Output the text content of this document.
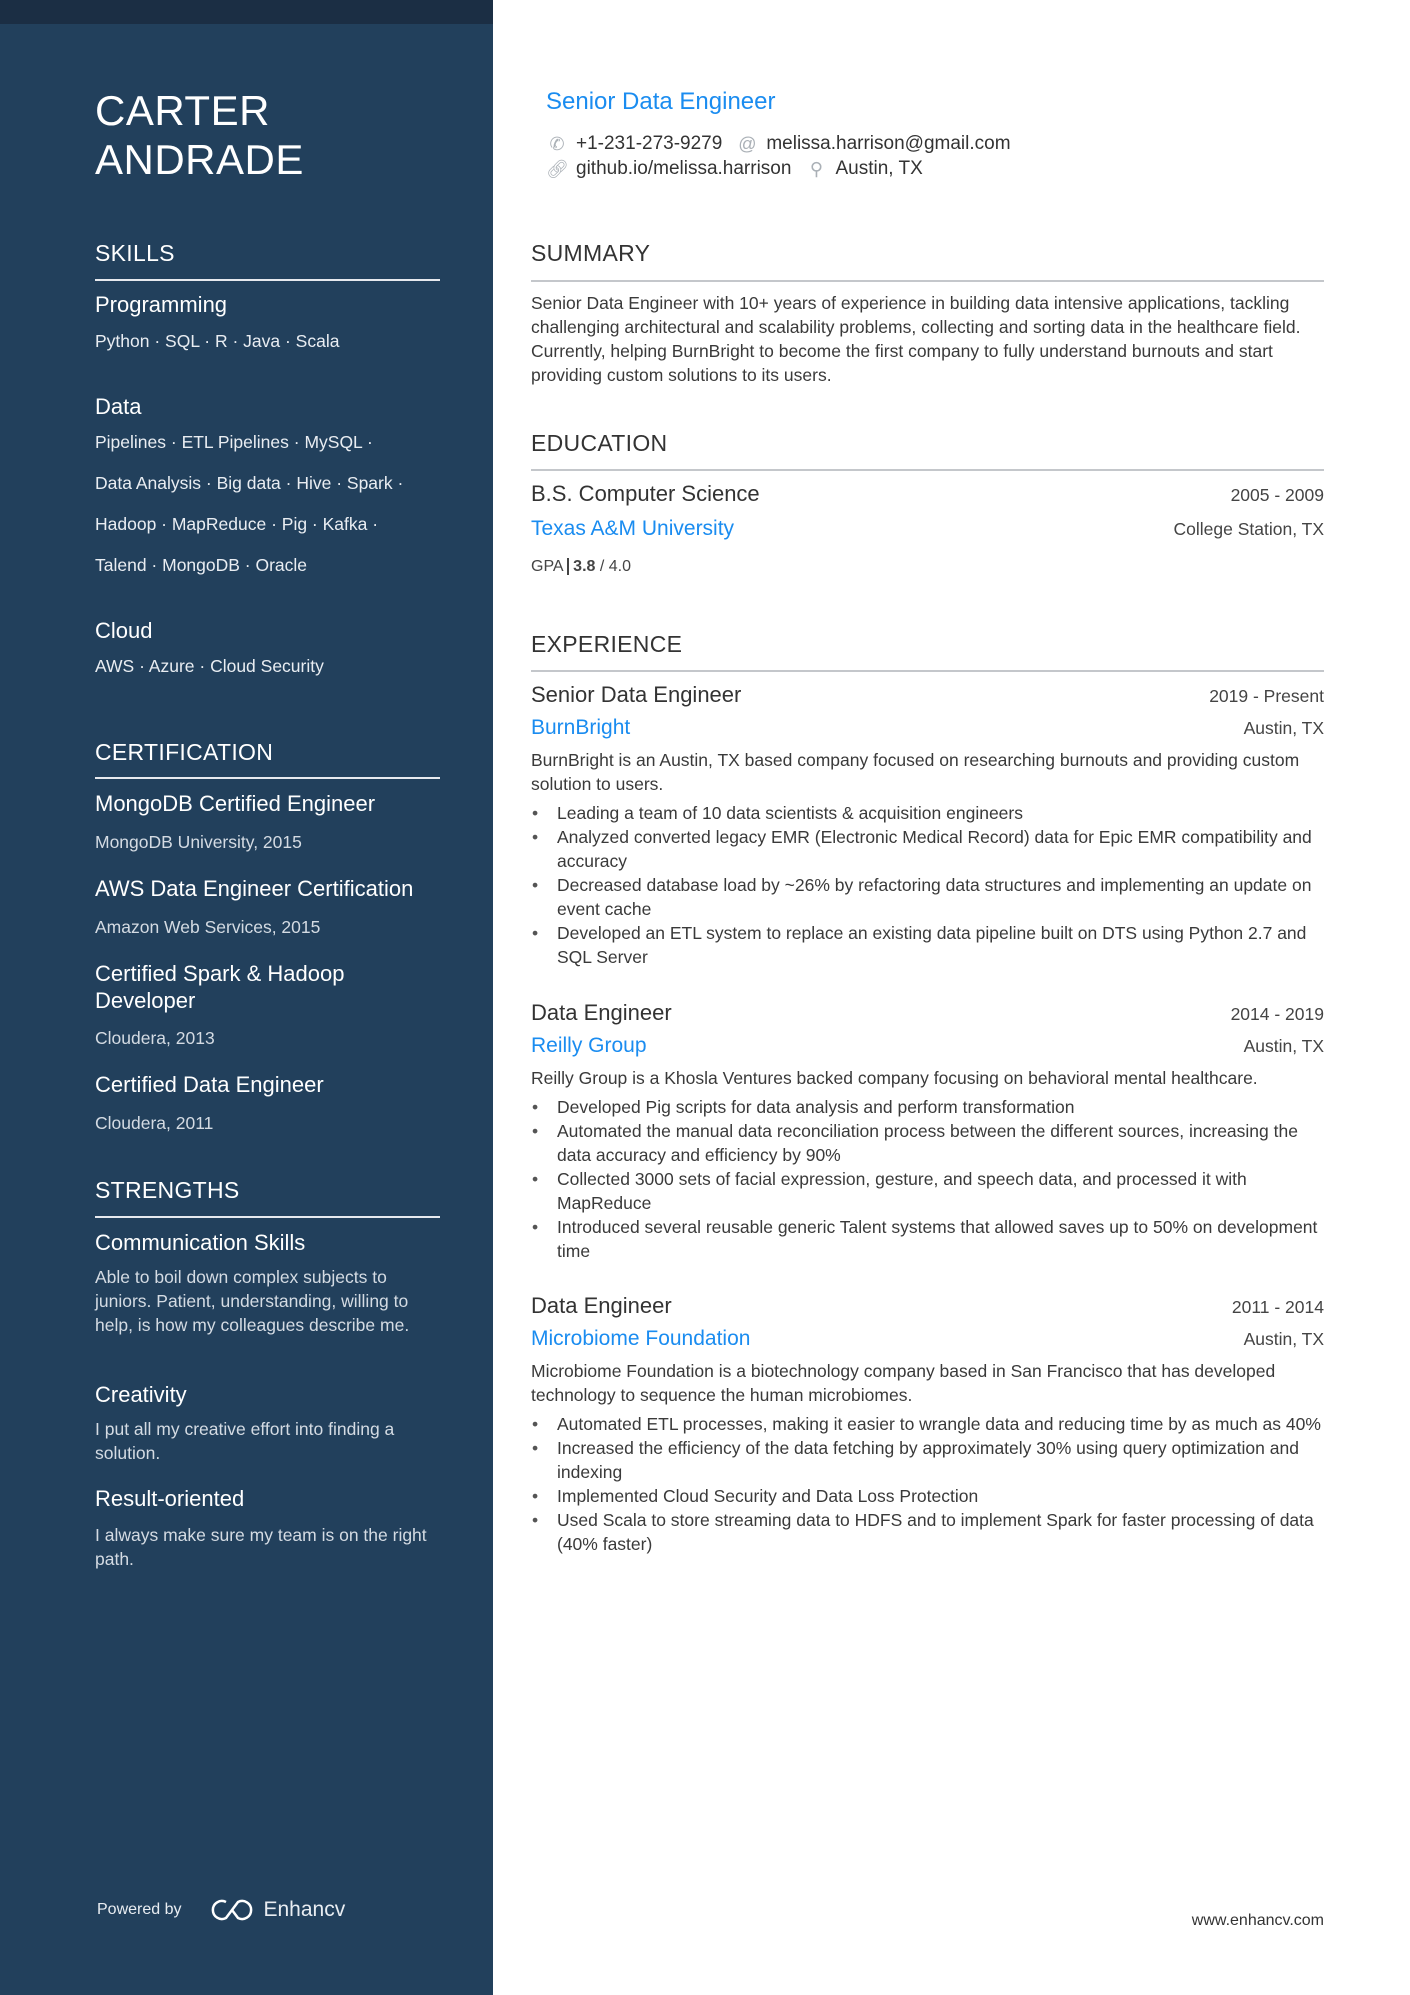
CARTER
ANDRADE
SKILLS
Programming
Python · SQL · R · Java · Scala
Data
Pipelines · ETL Pipelines · MySQL ·
Data Analysis · Big data · Hive · Spark ·
Hadoop · MapReduce · Pig · Kafka ·
Talend · MongoDB · Oracle
Cloud
AWS · Azure · Cloud Security
CERTIFICATION
MongoDB Certified Engineer
MongoDB University, 2015
AWS Data Engineer Certification
Amazon Web Services, 2015
Certified Spark & Hadoop Developer
Cloudera, 2013
Certified Data Engineer
Cloudera, 2011
STRENGTHS
Communication Skills
Able to boil down complex subjects to juniors. Patient, understanding, willing to help, is how my colleagues describe me.
Creativity
I put all my creative effort into finding a solution.
Result-oriented
I always make sure my team is on the right path.
Powered by	Enhancv
Senior Data Engineer
✆ +1-231-273-9279 @ melissa.harrison@gmail.com
🔗︎ github.io/melissa.harrison ⚲ Austin, TX
SUMMARY
Senior Data Engineer with 10+ years of experience in building data intensive applications, tackling challenging architectural and scalability problems, collecting and sorting data in the healthcare field. Currently, helping BurnBright to become the first company to fully understand burnouts and start providing custom solutions to its users.
EDUCATION
B.S. Computer Science	2005 - 2009
Texas A&M University	College Station, TX
GPA 3.8 / 4.0
EXPERIENCE
Senior Data Engineer	2019 - Present
BurnBright	Austin, TX
BurnBright is an Austin, TX based company focused on researching burnouts and providing custom solution to users.
• Leading a team of 10 data scientists & acquisition engineers
• Analyzed converted legacy EMR (Electronic Medical Record) data for Epic EMR compatibility and accuracy
• Decreased database load by ~26% by refactoring data structures and implementing an update on event cache
• Developed an ETL system to replace an existing data pipeline built on DTS using Python 2.7 and SQL Server
Data Engineer	2014 - 2019
Reilly Group	Austin, TX
Reilly Group is a Khosla Ventures backed company focusing on behavioral mental healthcare.
• Developed Pig scripts for data analysis and perform transformation
• Automated the manual data reconciliation process between the different sources, increasing the data accuracy and efficiency by 90%
• Collected 3000 sets of facial expression, gesture, and speech data, and processed it with MapReduce
• Introduced several reusable generic Talent systems that allowed saves up to 50% on development time
Data Engineer	2011 - 2014
Microbiome Foundation	Austin, TX
Microbiome Foundation is a biotechnology company based in San Francisco that has developed technology to sequence the human microbiomes.
• Automated ETL processes, making it easier to wrangle data and reducing time by as much as 40%
• Increased the efficiency of the data fetching by approximately 30% using query optimization and indexing
• Implemented Cloud Security and Data Loss Protection
• Used Scala to store streaming data to HDFS and to implement Spark for faster processing of data (40% faster)
www.enhancv.com
